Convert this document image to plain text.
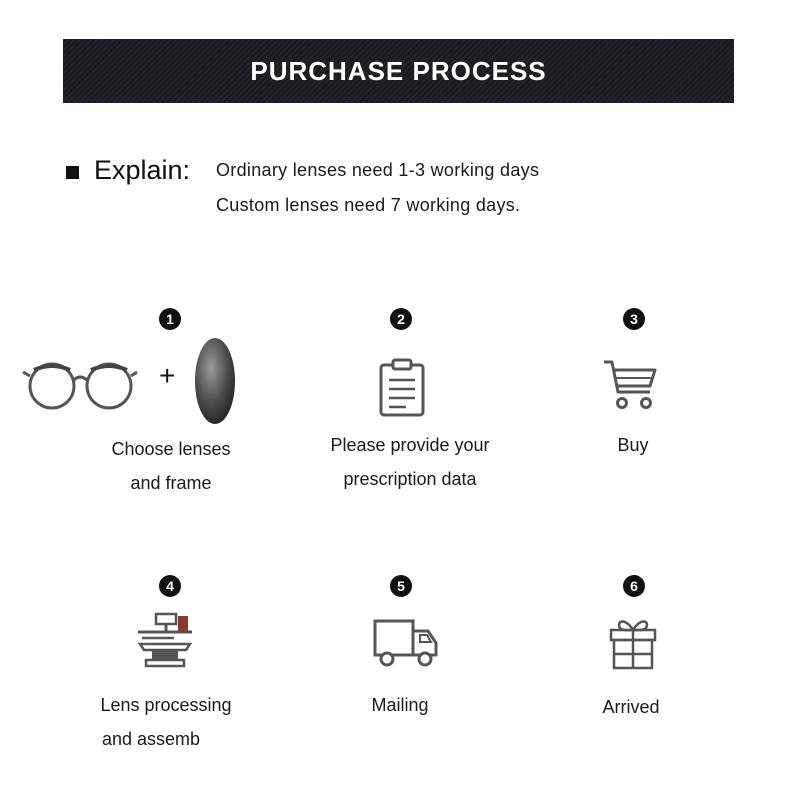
PURCHASE PROCESS
Explain: Ordinary lenses need 1-3 working days
Custom lenses need 7 working days.
1
+
Choose lenses
and frame
2
Please provide your
prescription data
3
Buy
4
Lens processing
and assemb
5
Mailing
6
Arrived
